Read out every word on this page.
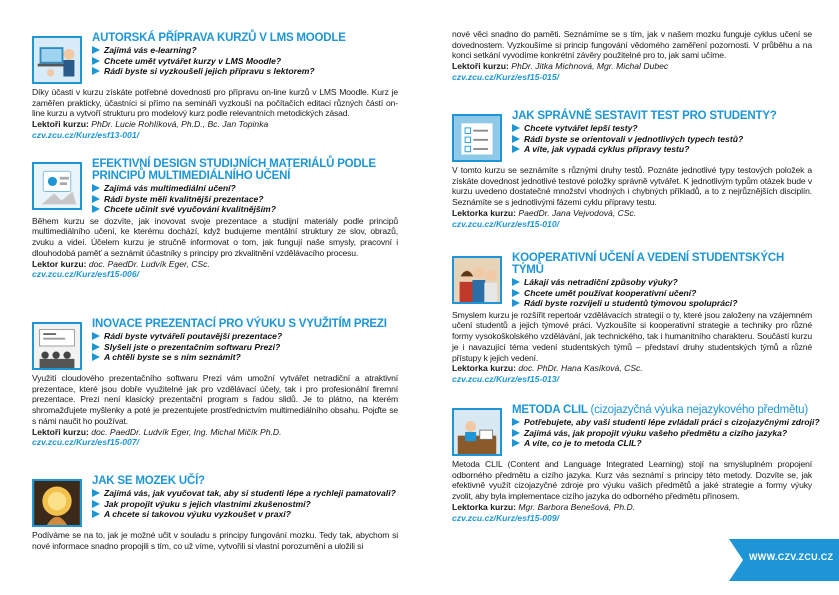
AUTORSKÁ PŘÍPRAVA KURZŮ V LMS MOODLE
Zajímá vás e-learning?
Chcete umět vytvářet kurzy v LMS Moodle?
Rádi byste si vyzkoušeli jejich přípravu s lektorem?
Díky účasti v kurzu získáte potřebné dovednosti pro přípravu on-line kurzů v LMS Moodle. Kurz je zaměřen prakticky, účastníci si přímo na semináři vyzkouší na počítačích editaci různých částí on-line kurzu a vytvoří strukturu pro modelový kurz podle relevantních metodických zásad.
Lektoři kurzu: PhDr. Lucie Rohlíková, Ph.D., Bc. Jan Topinka
czv.zcu.cz/Kurz/esf13-001/
EFEKTIVNÍ DESIGN STUDIJNÍCH MATERIÁLŮ PODLE PRINCIPŮ MULTIMEDIÁLNÍHO UČENÍ
Zajímá vás multimediální učení?
Rádi byste měli kvalitnější prezentace?
Chcete učinit své vyučování kvalitnějším?
Během kurzu se dozvíte, jak inovovat svoje prezentace a studijní materiály podle principů multimediálního učení, ke kterému dochází, když budujeme mentální struktury ze slov, obrazů, zvuku a videí. Účelem kurzu je stručně informovat o tom, jak fungují naše smysly, pracovní i dlouhodobá paměť a seznámit účastníky s principy pro zkvalitnění vzdělávacího procesu.
Lektor kurzu: doc. PaedDr. Ludvík Eger, CSc.
czv.zcu.cz/Kurz/esf15-006/
INOVACE PREZENTACÍ PRO VÝUKU S VYUŽITÍM PREZI
Rádi byste vytvářeli poutavější prezentace?
Slyšeli jste o prezentačním softwaru Prezi?
A chtěli byste se s ním seznámit?
Využití cloudového prezentačního softwaru Prezi vám umožní vytvářet netradiční a atraktivní prezentace, které jsou dobře využitelné jak pro vzdělávací účely, tak i pro profesionální firemní prezentace. Prezi není klasický prezentační program s řadou slidů. Je to plátno, na kterém shromažďujete myšlenky a poté je prezentujete prostřednictvím multimediálního obsahu. Pojďte se s námi naučit ho používat.
Lektoři kurzu: doc. PaedDr. Ludvík Eger, Ing. Michal Mičík Ph.D.
czv.zcu.cz/Kurz/esf15-007/
JAK SE MOZEK UČÍ?
Zajímá vás, jak vyučovat tak, aby si studenti lépe a rychleji pamatovali?
Jak propojit výuku s jejich vlastními zkušenostmi?
A chcete si takovou výuku vyzkoušet v praxi?
Podíváme se na to, jak je možné učit v souladu s principy fungování mozku. Tedy tak, abychom si nové informace snadno propojili s tím, co už víme, vytvořili si vlastní porozumění a uložili si
nové věci snadno do paměti. Seznámíme se s tím, jak v našem mozku funguje cyklus učení se dovednostem. Vyzkoušíme si princip fungování vědomého zaměření pozornosti. V průběhu a na konci setkání vyvodíme konkrétní závěry použitelné pro to, jak sami učíme.
Lektoři kurzu: PhDr. Jitka Michnová, Mgr. Michal Dubec
czv.zcu.cz/Kurz/esf15-015/
JAK SPRÁVNĚ SESTAVIT TEST PRO STUDENTY?
Chcete vytvářet lepší testy?
Rádi byste se orientovali v jednotlivých typech testů?
A víte, jak vypadá cyklus přípravy testu?
V tomto kurzu se seznámíte s různými druhy testů. Poznáte jednotlivé typy testových položek a získáte dovednost jednotlivé testové položky správně vytvářet. K jednotlivým typům otázek bude v kurzu uvedeno dostatečné množství vhodných i chybných příkladů, a to z nejrůznějších disciplín. Seznámíte se s jednotlivými fázemi cyklu přípravy testu.
Lektorka kurzu: PaedDr. Jana Vejvodová, CSc.
czv.zcu.cz/Kurz/esf15-010/
KOOPERATIVNÍ UČENÍ A VEDENÍ STUDENTSKÝCH TÝMŮ
Lákají vás netradiční způsoby výuky?
Chcete umět používat kooperativní učení?
Rádi byste rozvíjeli u studentů týmovou spolupráci?
Smyslem kurzu je rozšířit repertoár vzdělávacích strategií o ty, které jsou založeny na vzájemném učení studentů a jejich týmové práci. Vyzkoušíte si kooperativní strategie a techniky pro různé formy vysokoškolského vzdělávání, jak technického, tak i humanitního charakteru. Součástí kurzu je i navazující téma vedení studentských týmů – představí druhy studentských týmů a různé přístupy k jejich vedení.
Lektorka kurzu: doc. PhDr. Hana Kasíková, CSc.
czv.zcu.cz/Kurz/esf15-013/
METODA CLIL (cizojazyčná výuka nejazykového předmětu)
Potřebujete, aby vaši studenti lépe zvládali práci s cizojazyčnými zdroji?
Zajímá vás, jak propojit výuku vašeho předmětu a cizího jazyka?
A víte, co je to metoda CLIL?
Metoda CLIL (Content and Language Integrated Learning) stojí na smysluplném propojení odborného předmětu a cizího jazyka. Kurz vás seznámí s principy této metody. Dozvíte se, jak efektivně využít cizojazyčné zdroje pro výuku vašich předmětů a jaké strategie a formy výuky zvolit, aby byla implementace cizího jazyka do odborného předmětu přínosem.
Lektorka kurzu: Mgr. Barbora Benešová, Ph.D.
czv.zcu.cz/Kurz/esf15-009/
WWW.CZV.ZCU.CZ
